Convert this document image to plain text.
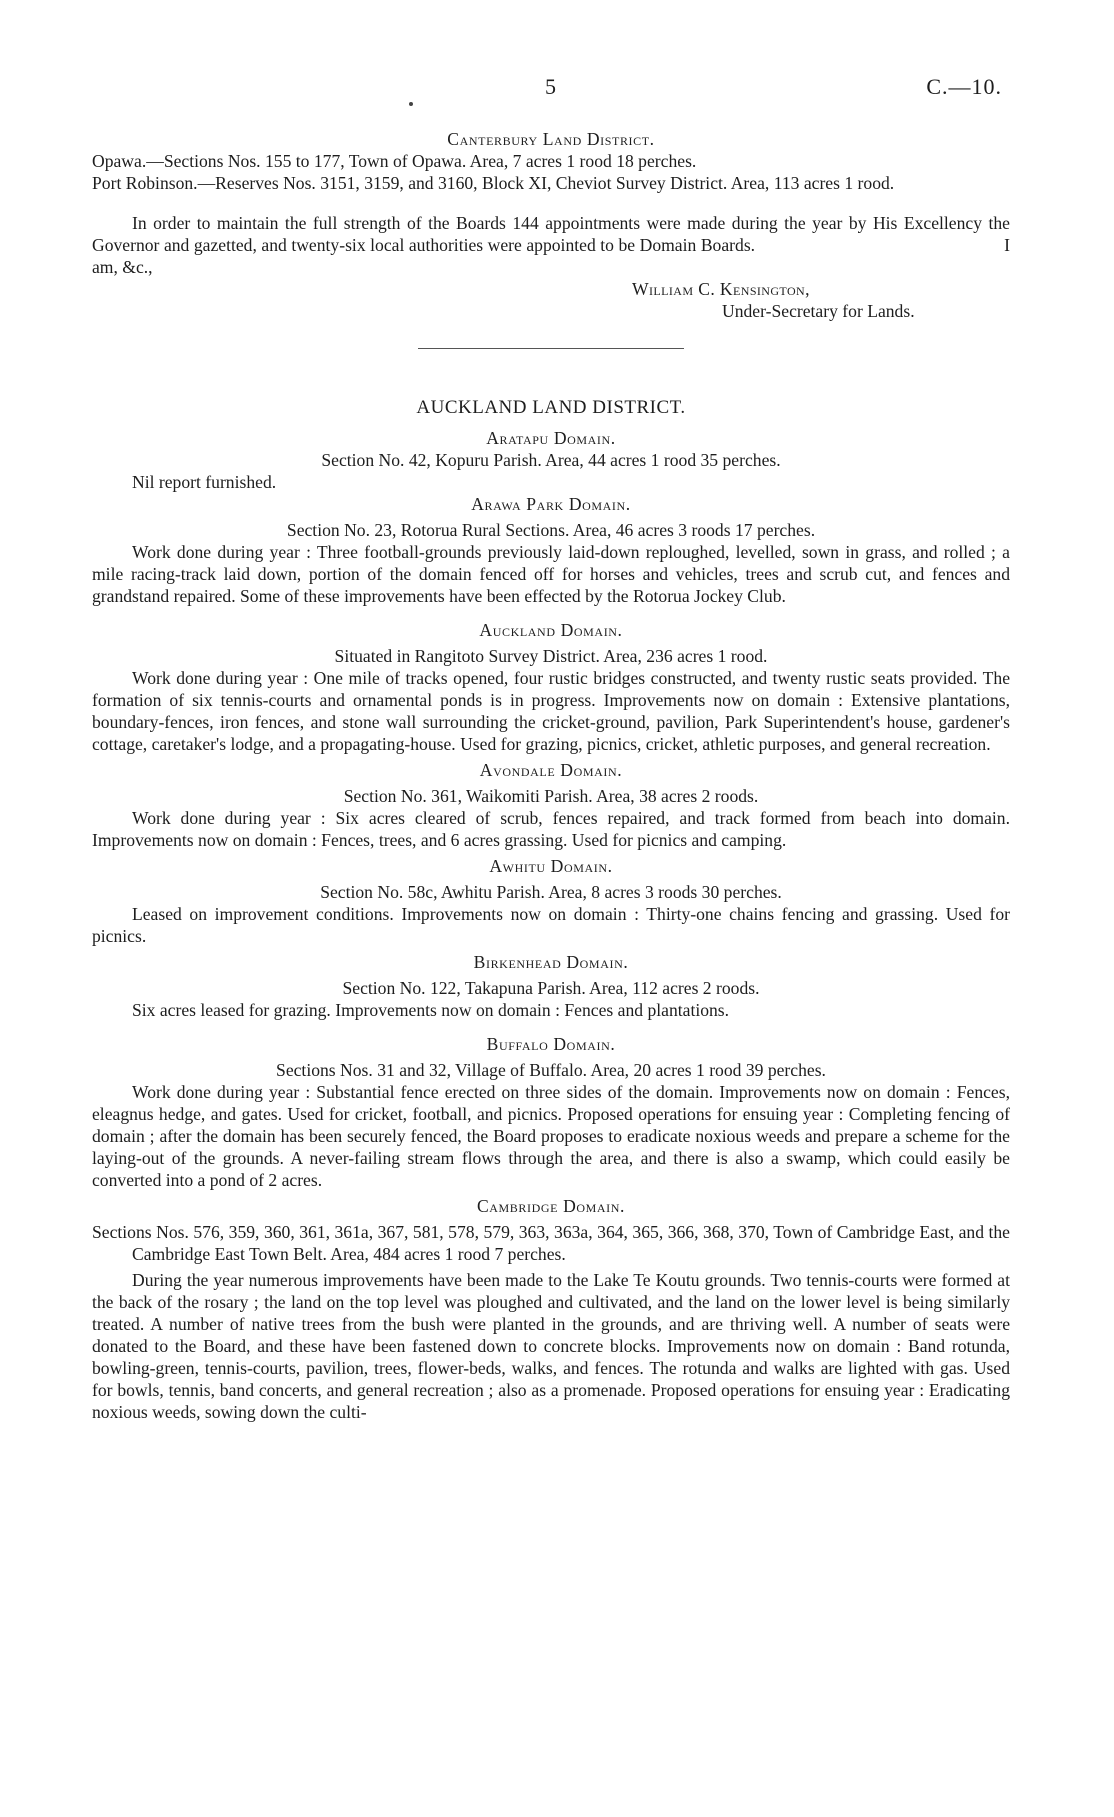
5	C.—10.

Canterbury Land District.

Opawa.—Sections Nos. 155 to 177, Town of Opawa. Area, 7 acres 1 rood 18 perches.

Port Robinson.—Reserves Nos. 3151, 3159, and 3160, Block XI, Cheviot Survey District. Area, 113 acres 1 rood.

In order to maintain the full strength of the Boards 144 appointments were made during the year by His Excellency the Governor and gazetted, and twenty-six local authorities were appointed to be Domain Boards.	I am, &c.,

William C. Kensington,

Under-Secretary for Lands.

AUCKLAND LAND DISTRICT.

Aratapu Domain.

Section No. 42, Kopuru Parish. Area, 44 acres 1 rood 35 perches.

Nil report furnished.

Arawa Park Domain.

Section No. 23, Rotorua Rural Sections. Area, 46 acres 3 roods 17 perches.

Work done during year : Three football-grounds previously laid-down reploughed, levelled, sown in grass, and rolled ; a mile racing-track laid down, portion of the domain fenced off for horses and vehicles, trees and scrub cut, and fences and grandstand repaired. Some of these improvements have been effected by the Rotorua Jockey Club.

Auckland Domain.

Situated in Rangitoto Survey District. Area, 236 acres 1 rood.

Work done during year : One mile of tracks opened, four rustic bridges constructed, and twenty rustic seats provided. The formation of six tennis-courts and ornamental ponds is in progress. Improvements now on domain : Extensive plantations, boundary-fences, iron fences, and stone wall surrounding the cricket-ground, pavilion, Park Superintendent's house, gardener's cottage, caretaker's lodge, and a propagating-house. Used for grazing, picnics, cricket, athletic purposes, and general recreation.

Avondale Domain.

Section No. 361, Waikomiti Parish. Area, 38 acres 2 roods.

Work done during year : Six acres cleared of scrub, fences repaired, and track formed from beach into domain. Improvements now on domain : Fences, trees, and 6 acres grassing. Used for picnics and camping.

Awhitu Domain.

Section No. 58c, Awhitu Parish. Area, 8 acres 3 roods 30 perches.

Leased on improvement conditions. Improvements now on domain : Thirty-one chains fencing and grassing. Used for picnics.

Birkenhead Domain.

Section No. 122, Takapuna Parish. Area, 112 acres 2 roods.

Six acres leased for grazing. Improvements now on domain : Fences and plantations.

Buffalo Domain.

Sections Nos. 31 and 32, Village of Buffalo. Area, 20 acres 1 rood 39 perches.

Work done during year : Substantial fence erected on three sides of the domain. Improvements now on domain : Fences, eleagnus hedge, and gates. Used for cricket, football, and picnics. Proposed operations for ensuing year : Completing fencing of domain ; after the domain has been securely fenced, the Board proposes to eradicate noxious weeds and prepare a scheme for the laying-out of the grounds. A never-failing stream flows through the area, and there is also a swamp, which could easily be converted into a pond of 2 acres.

Cambridge Domain.

Sections Nos. 576, 359, 360, 361, 361a, 367, 581, 578, 579, 363, 363a, 364, 365, 366, 368, 370, Town of Cambridge East, and the Cambridge East Town Belt. Area, 484 acres 1 rood 7 perches.

During the year numerous improvements have been made to the Lake Te Koutu grounds. Two tennis-courts were formed at the back of the rosary ; the land on the top level was ploughed and cultivated, and the land on the lower level is being similarly treated. A number of native trees from the bush were planted in the grounds, and are thriving well. A number of seats were donated to the Board, and these have been fastened down to concrete blocks. Improvements now on domain : Band rotunda, bowling-green, tennis-courts, pavilion, trees, flower-beds, walks, and fences. The rotunda and walks are lighted with gas. Used for bowls, tennis, band concerts, and general recreation ; also as a promenade. Proposed operations for ensuing year : Eradicating noxious weeds, sowing down the culti-
